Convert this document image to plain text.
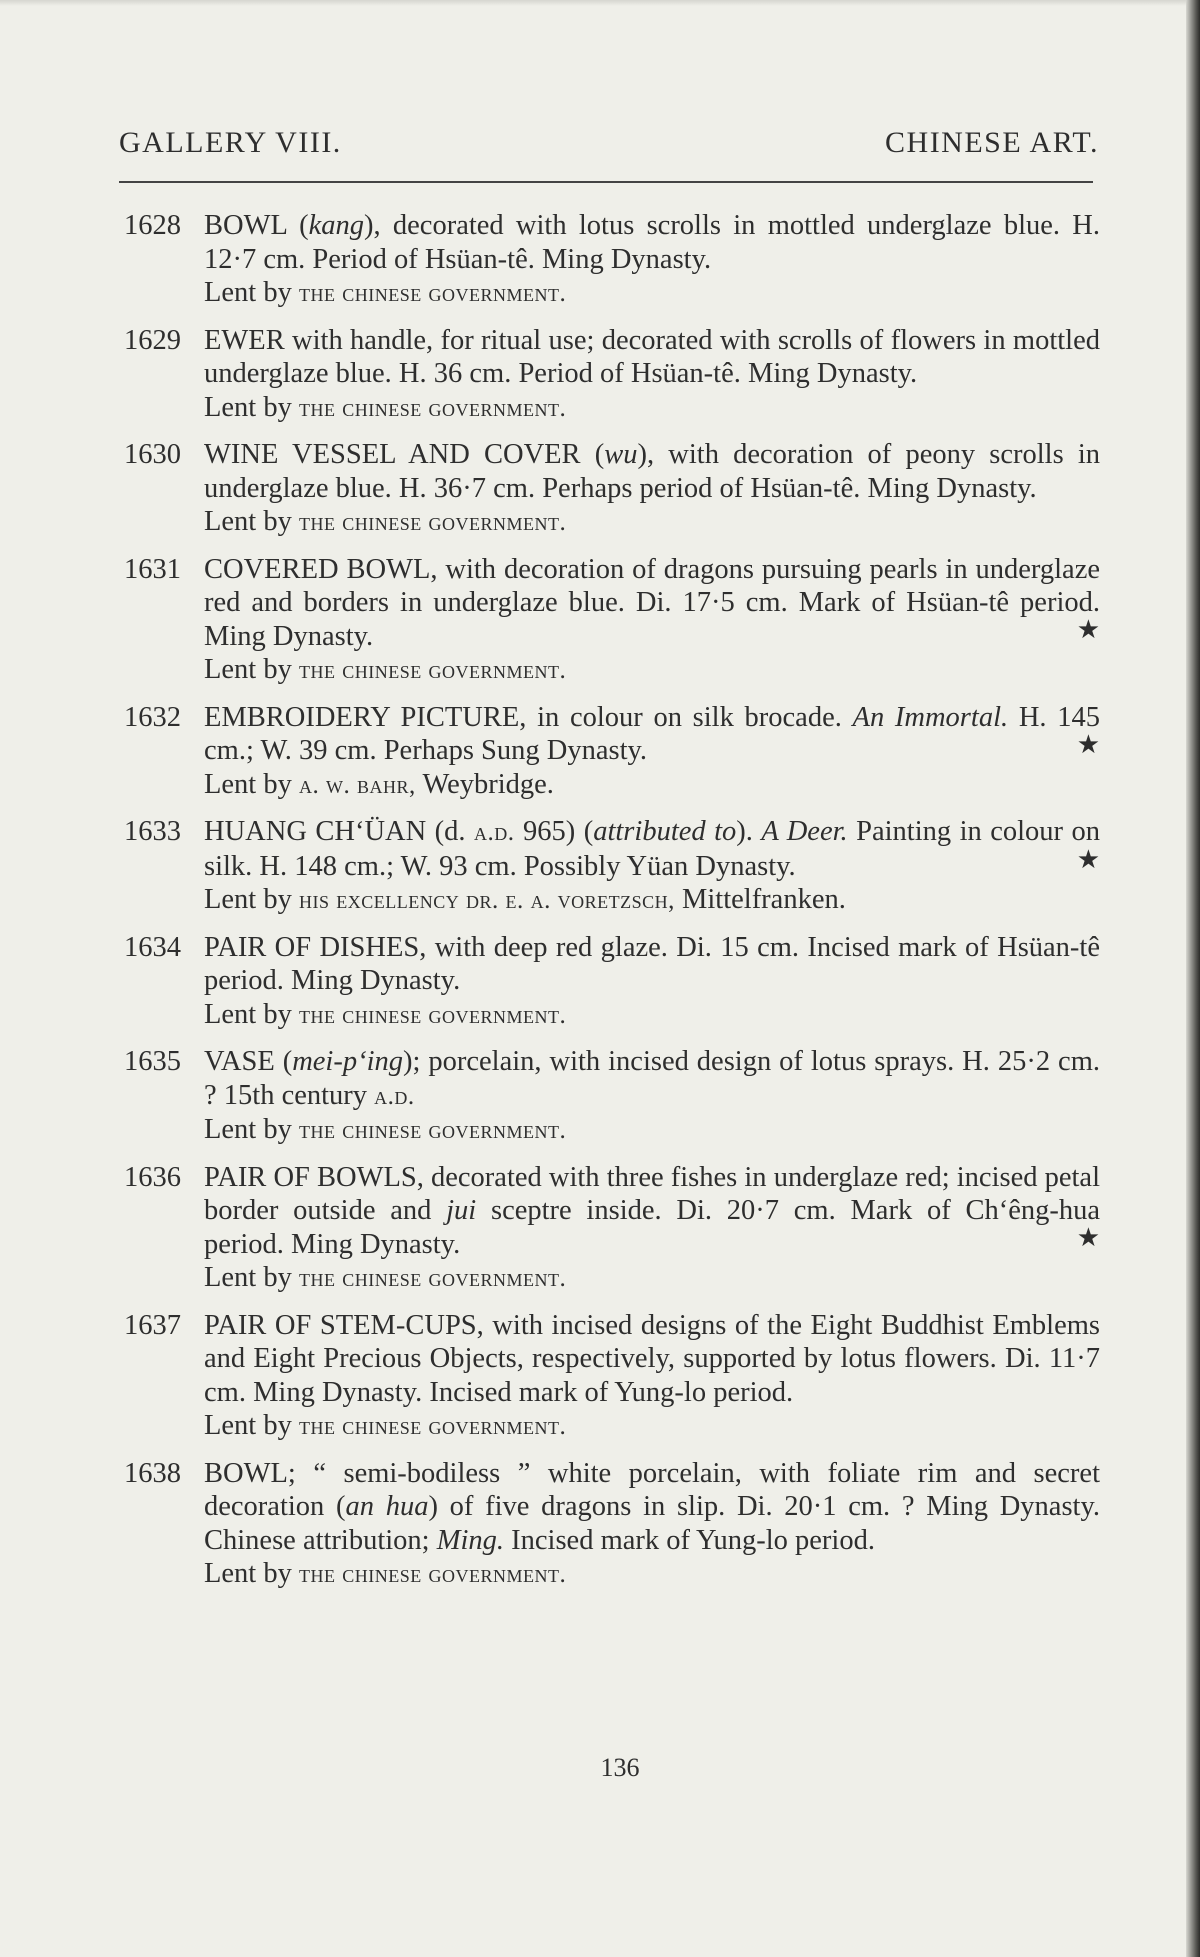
GALLERY VIII.	CHINESE ART.
1628 BOWL (kang), decorated with lotus scrolls in mottled underglaze blue. H. 12·7 cm. Period of Hsüan-tê. Ming Dynasty.
Lent by the chinese government.
1629 EWER with handle, for ritual use; decorated with scrolls of flowers in mottled underglaze blue. H. 36 cm. Period of Hsüan-tê. Ming Dynasty.
Lent by the chinese government.
1630 WINE VESSEL AND COVER (wu), with decoration of peony scrolls in underglaze blue. H. 36·7 cm. Perhaps period of Hsüan-tê. Ming Dynasty.
Lent by the chinese government.
1631 COVERED BOWL, with decoration of dragons pursuing pearls in underglaze red and borders in underglaze blue. Di. 17·5 cm. Mark of Hsüan-tê period. Ming Dynasty.
Lent by the chinese government.
★
1632 EMBROIDERY PICTURE, in colour on silk brocade. An Immortal. H. 145 cm.; W. 39 cm. Perhaps Sung Dynasty.
Lent by a. w. bahr, Weybridge.
★
1633 HUANG CH‘ÜAN (d. a.d. 965) (attributed to). A Deer. Painting in colour on silk. H. 148 cm.; W. 93 cm. Possibly Yüan Dynasty.
Lent by his excellency dr. e. a. voretzsch, Mittelfranken.
★
1634 PAIR OF DISHES, with deep red glaze. Di. 15 cm. Incised mark of Hsüan-tê period. Ming Dynasty.
Lent by the chinese government.
1635 VASE (mei-p‘ing); porcelain, with incised design of lotus sprays. H. 25·2 cm. ? 15th century a.d.
Lent by the chinese government.
1636 PAIR OF BOWLS, decorated with three fishes in underglaze red; incised petal border outside and jui sceptre inside. Di. 20·7 cm. Mark of Ch‘êng-hua period. Ming Dynasty.
Lent by the chinese government.
★
1637 PAIR OF STEM-CUPS, with incised designs of the Eight Buddhist Emblems and Eight Precious Objects, respectively, supported by lotus flowers. Di. 11·7 cm. Ming Dynasty. Incised mark of Yung-lo period.
Lent by the chinese government.
1638 BOWL; “ semi-bodiless ” white porcelain, with foliate rim and secret decoration (an hua) of five dragons in slip. Di. 20·1 cm. ? Ming Dynasty. Chinese attribution; Ming. Incised mark of Yung-lo period.
Lent by the chinese government.
136
